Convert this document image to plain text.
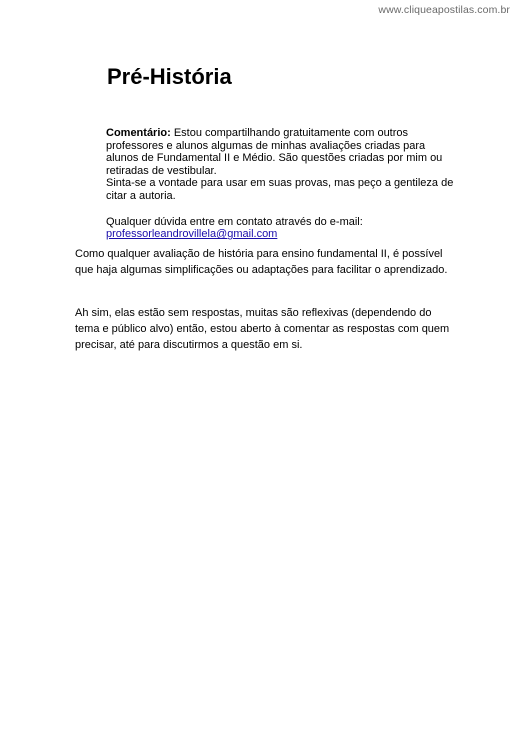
www.cliqueapostilas.com.br
Pré-História

Comentário: Estou compartilhando gratuitamente com outros professores e alunos algumas de minhas avaliações criadas para alunos de Fundamental II e Médio. São questões criadas por mim ou retiradas de vestibular.

Sinta-se a vontade para usar em suas provas, mas peço a gentileza de citar a autoria.

Qualquer dúvida entre em contato através do e-mail:

professorleandrovillela@gmail.com

Como qualquer avaliação de história para ensino fundamental II, é possível que haja algumas simplificações ou adaptações para facilitar o aprendizado.

Ah sim, elas estão sem respostas, muitas são reflexivas (dependendo do tema e público alvo) então, estou aberto à comentar as respostas com quem precisar, até para discutirmos a questão em si.
